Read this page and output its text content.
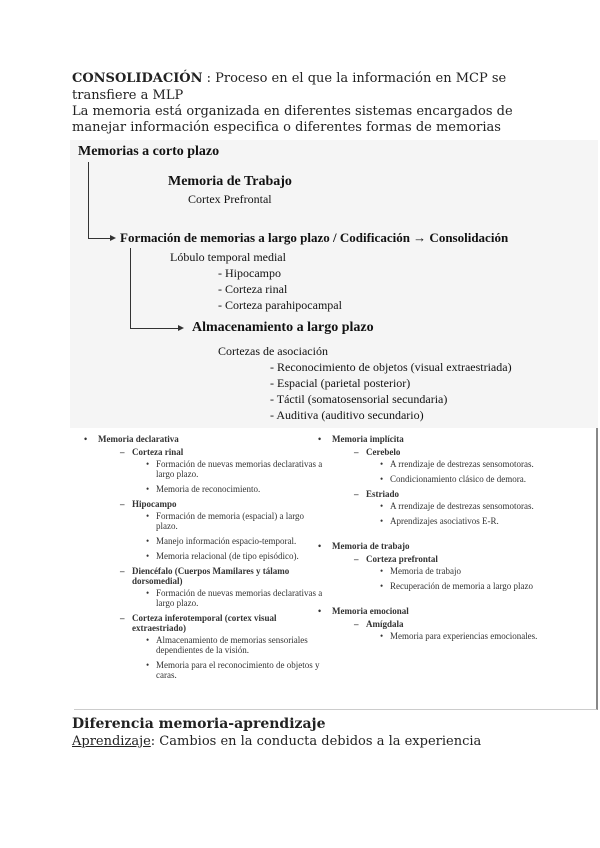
CONSOLIDACIÓN : Proceso en el que la información en MCP se transfiere a MLP
La memoria está organizada en diferentes sistemas encargados de manejar información especifica o diferentes formas de memorias
Memorias a corto plazo
Memoria de Trabajo
Cortex Prefrontal
Formación de memorias a largo plazo / Codificación → Consolidación
Lóbulo temporal medial
- Hipocampo
- Corteza rinal
- Corteza parahipocampal
Almacenamiento a largo plazo
Cortezas de asociación
- Reconocimiento de objetos (visual extraestriada)
- Espacial (parietal posterior)
- Táctil (somatosensorial secundaria)
- Auditiva (auditivo secundario)
• Memoria declarativa
– Corteza rinal
• Formación de nuevas memorias declarativas a largo plazo.
• Memoria de reconocimiento.
– Hipocampo
• Formación de memoria (espacial) a largo plazo.
• Manejo información espacio-temporal.
• Memoria relacional (de tipo episódico).
– Diencéfalo (Cuerpos Mamilares y tálamo dorsomedial)
• Formación de nuevas memorias declarativas a largo plazo.
– Corteza inferotemporal (cortex visual extraestriado)
• Almacenamiento de memorias sensoriales dependientes de la visión.
• Memoria para el reconocimiento de objetos y caras.
• Memoria implícita
– Cerebelo
• A rrendizaje de destrezas sensomotoras.
• Condicionamiento clásico de demora.
– Estriado
• A rrendizaje de destrezas sensomotoras.
• Aprendizajes asociativos E-R.
• Memoria de trabajo
– Corteza prefrontal
• Memoria de trabajo
• Recuperación de memoria a largo plazo
• Memoria emocional
– Amígdala
• Memoria para experiencias emocionales.
Diferencia memoria-aprendizaje
Aprendizaje: Cambios en la conducta debidos a la experiencia
